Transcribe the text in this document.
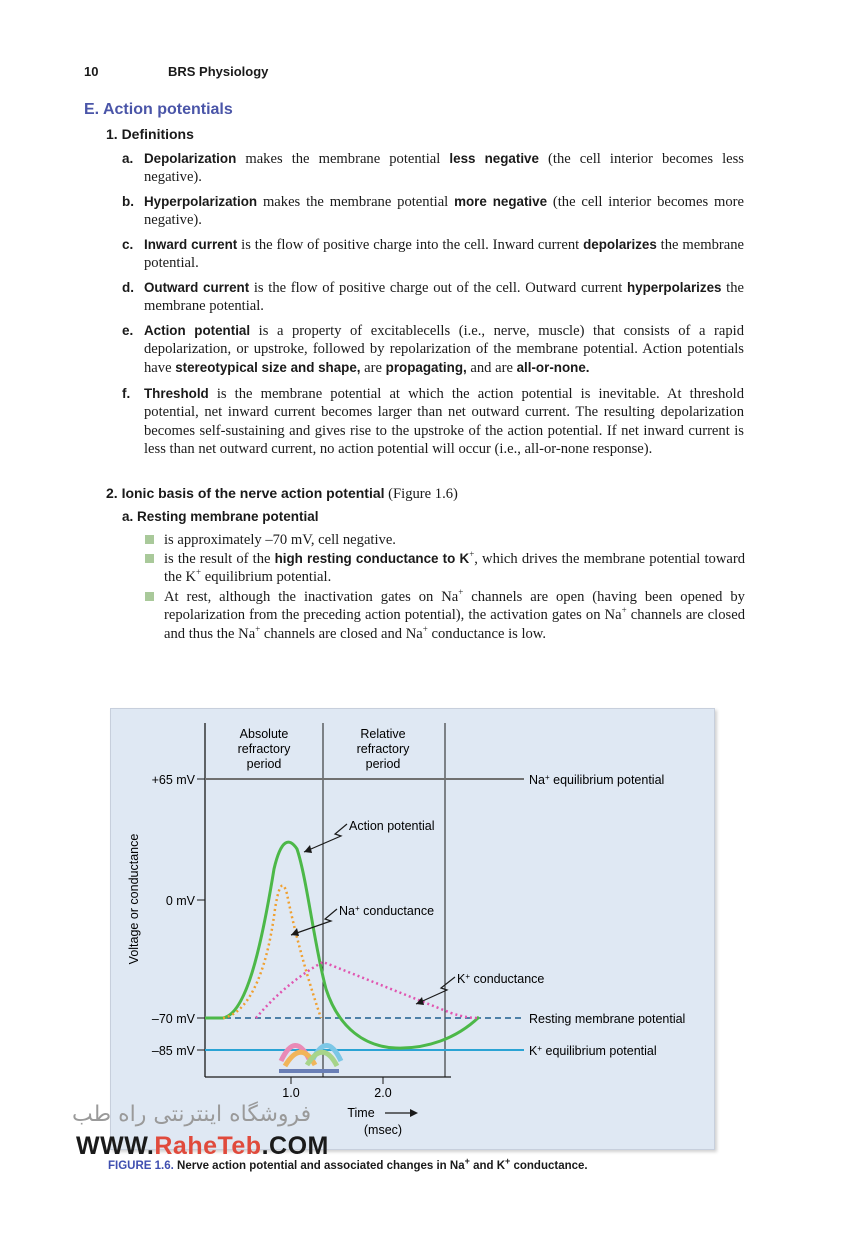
10	BRS Physiology
E. Action potentials
1. Definitions
a. Depolarization makes the membrane potential less negative (the cell interior becomes less negative).
b. Hyperpolarization makes the membrane potential more negative (the cell interior becomes more negative).
c. Inward current is the flow of positive charge into the cell. Inward current depolarizes the membrane potential.
d. Outward current is the flow of positive charge out of the cell. Outward current hyperpolarizes the membrane potential.
e. Action potential is a property of excitablecells (i.e., nerve, muscle) that consists of a rapid depolarization, or upstroke, followed by repolarization of the membrane potential. Action potentials have stereotypical size and shape, are propagating, and are all-or-none.
f. Threshold is the membrane potential at which the action potential is inevitable. At threshold potential, net inward current becomes larger than net outward current. The resulting depolarization becomes self-sustaining and gives rise to the upstroke of the action potential. If net inward current is less than net outward current, no action potential will occur (i.e., all-or-none response).
2. Ionic basis of the nerve action potential (Figure 1.6)
a. Resting membrane potential
is approximately –70 mV, cell negative.
is the result of the high resting conductance to K+, which drives the membrane potential toward the K+ equilibrium potential.
At rest, although the inactivation gates on Na+ channels are open (having been opened by repolarization from the preceding action potential), the activation gates on Na+ channels are closed and thus the Na+ channels are closed and Na+ conductance is low.
Absolute
refractory
period
Relative
refractory
period
Voltage or conductance
+65 mV
0 mV
–70 mV
–85 mV
Na+ equilibrium potential
K+ equilibrium potential
Resting membrane potential
Action potential
Na+ conductance
K+ conductance
1.0	2.0
Time
(msec)
فروشگاه اینترنتی راه طب
WWW.RaheTeb.COM
FIGURE 1.6. Nerve action potential and associated changes in Na+ and K+ conductance.
